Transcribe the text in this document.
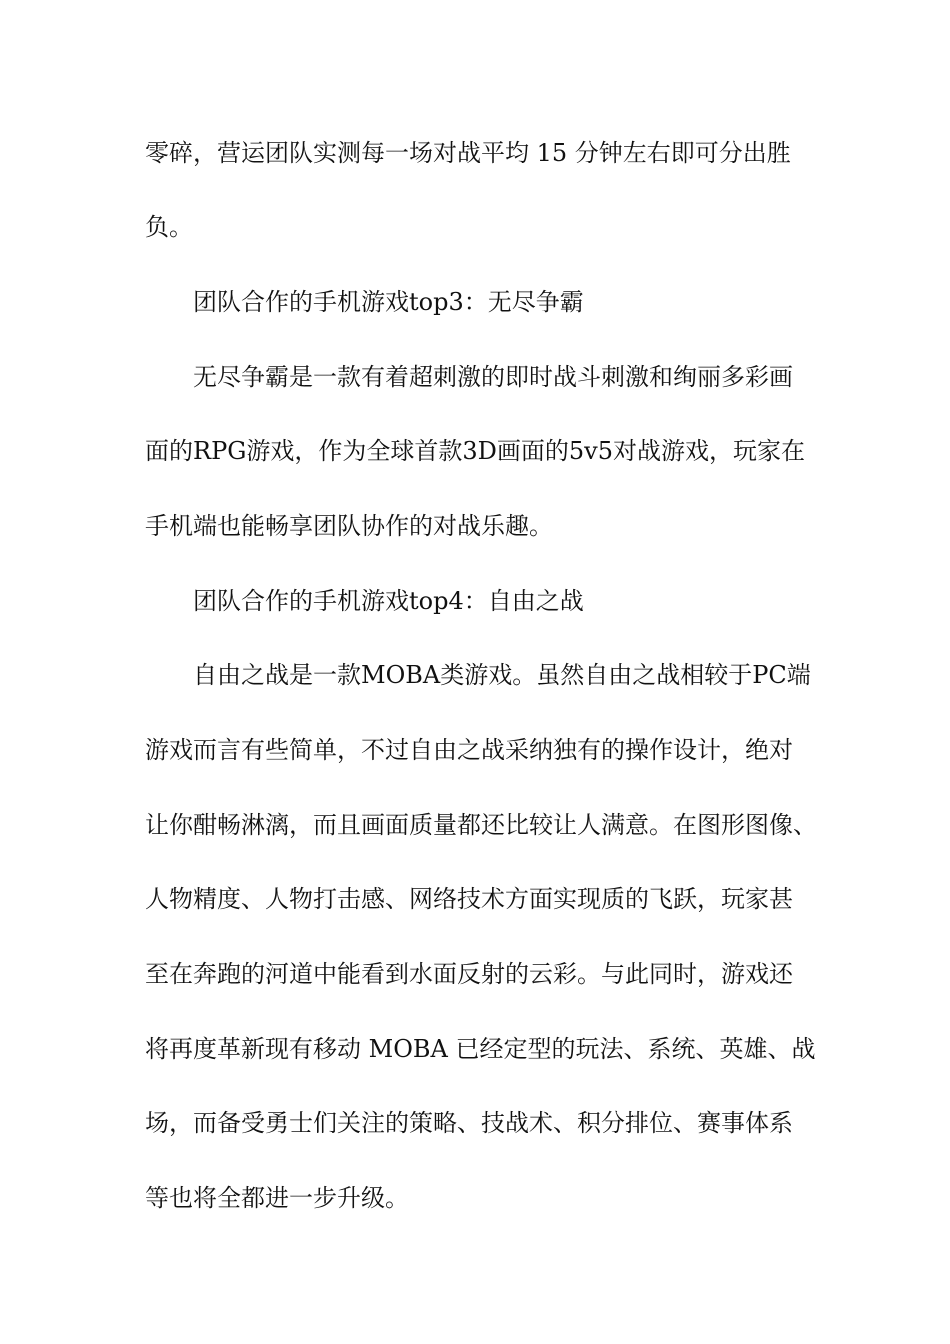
零碎，营运团队实测每一场对战平均 15 分钟左右即可分出胜
负。
团队合作的手机游戏top3：无尽争霸
无尽争霸是一款有着超刺激的即时战斗刺激和绚丽多彩画
面的RPG游戏，作为全球首款3D画面的5v5对战游戏，玩家在
手机端也能畅享团队协作的对战乐趣。
团队合作的手机游戏top4：自由之战
自由之战是一款MOBA类游戏。虽然自由之战相较于PC端
游戏而言有些简单，不过自由之战采纳独有的操作设计，绝对
让你酣畅淋漓，而且画面质量都还比较让人满意。在图形图像、
人物精度、人物打击感、网络技术方面实现质的飞跃，玩家甚
至在奔跑的河道中能看到水面反射的云彩。与此同时，游戏还
将再度革新现有移动 MOBA 已经定型的玩法、系统、英雄、战
场，而备受勇士们关注的策略、技战术、积分排位、赛事体系
等也将全都进一步升级。
